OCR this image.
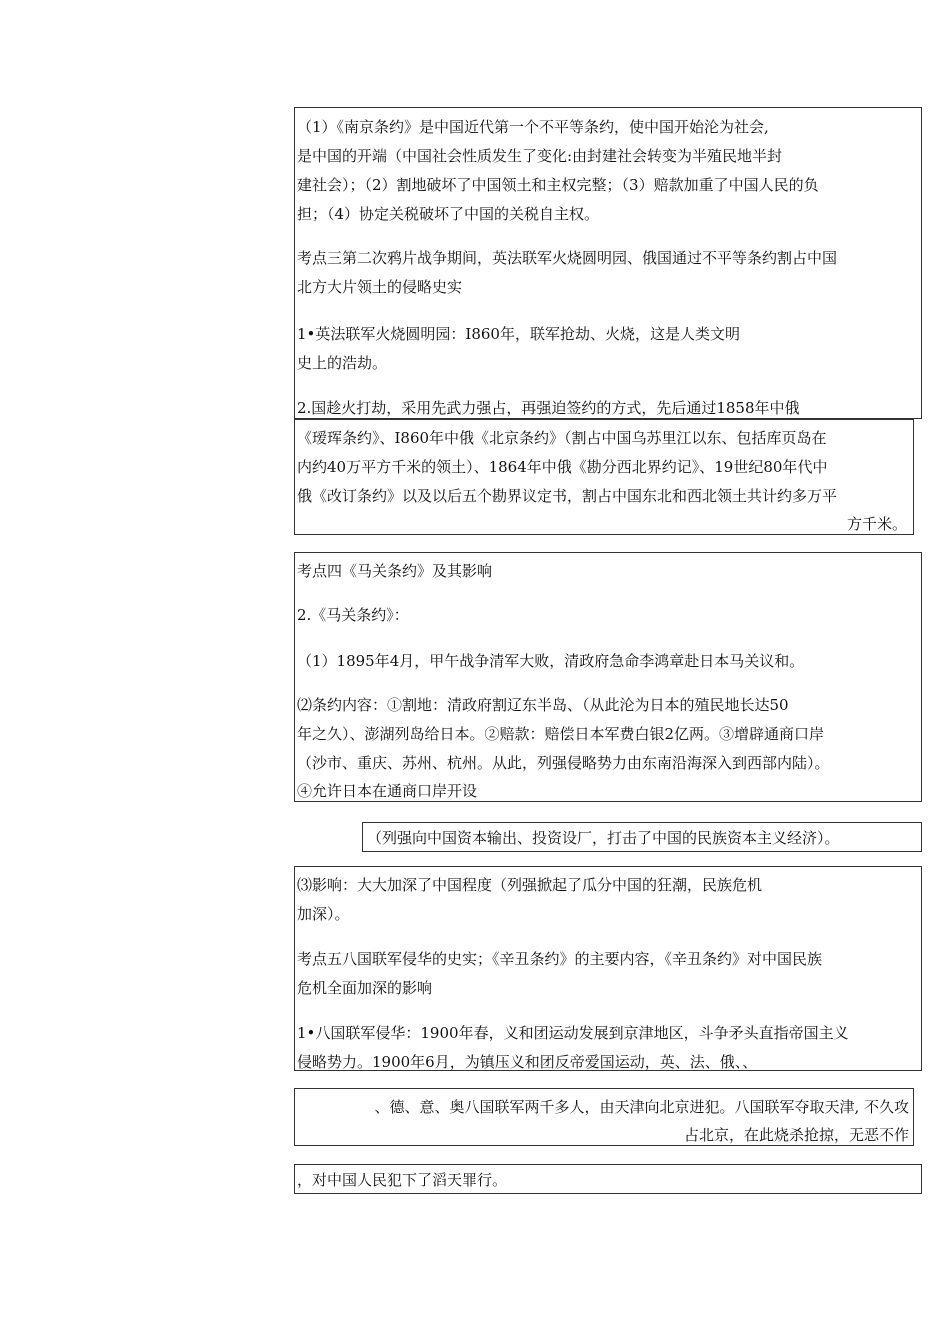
（1）《南京条约》是中国近代第一个不平等条约，使中国开始沦为社会,
是中国的开端（中国社会性质发生了变化:由封建社会转变为半殖民地半封
建社会）；（2）割地破坏了中国领土和主权完整；（3）赔款加重了中国人民的负
担；（4）协定关税破坏了中国的关税自主权。
考点三第二次鸦片战争期间，英法联军火烧圆明园、俄国通过不平等条约割占中国
北方大片领土的侵略史实
1•英法联军火烧圆明园：I860年，联军抢劫、火烧，这是人类文明
史上的浩劫。
2.国趁火打劫，采用先武力强占，再强迫签约的方式，先后通过1858年中俄
《瑷珲条约》、I860年中俄《北京条约》（割占中国乌苏里江以东、包括库页岛在
内约40万平方千米的领土）、1864年中俄《勘分西北界约记》、19世纪80年代中
俄《改订条约》以及以后五个勘界议定书，割占中国东北和西北领土共计约多万平
方千米。
考点四《马关条约》及其影响
2.《马关条约》：
（1）1895年4月，甲午战争清军大败，清政府急命李鸿章赴日本马关议和。
⑵条约内容：①割地：清政府割辽东半岛、（从此沦为日本的殖民地长达50
年之久）、澎湖列岛给日本。②赔款：赔偿日本军费白银2亿两。③增辟通商口岸
（沙市、重庆、苏州、杭州。从此，列强侵略势力由东南沿海深入到西部内陆）。
④允许日本在通商口岸开设
（列强向中国资本输出、投资设厂，打击了中国的民族资本主义经济）。
⑶影响：大大加深了中国程度（列强掀起了瓜分中国的狂潮，民族危机
加深）。
考点五八国联军侵华的史实；《辛丑条约》的主要内容，《辛丑条约》对中国民族
危机全面加深的影响
1•八国联军侵华：1900年春，义和团运动发展到京津地区，斗争矛头直指帝国主义
侵略势力。1900年6月，为镇压义和团反帝爱国运动，英、法、俄、、
、德、意、奥八国联军两千多人，由天津向北京进犯。八国联军夺取天津, 不久攻
占北京，在此烧杀抢掠，无恶不作
，对中国人民犯下了滔天罪行。
